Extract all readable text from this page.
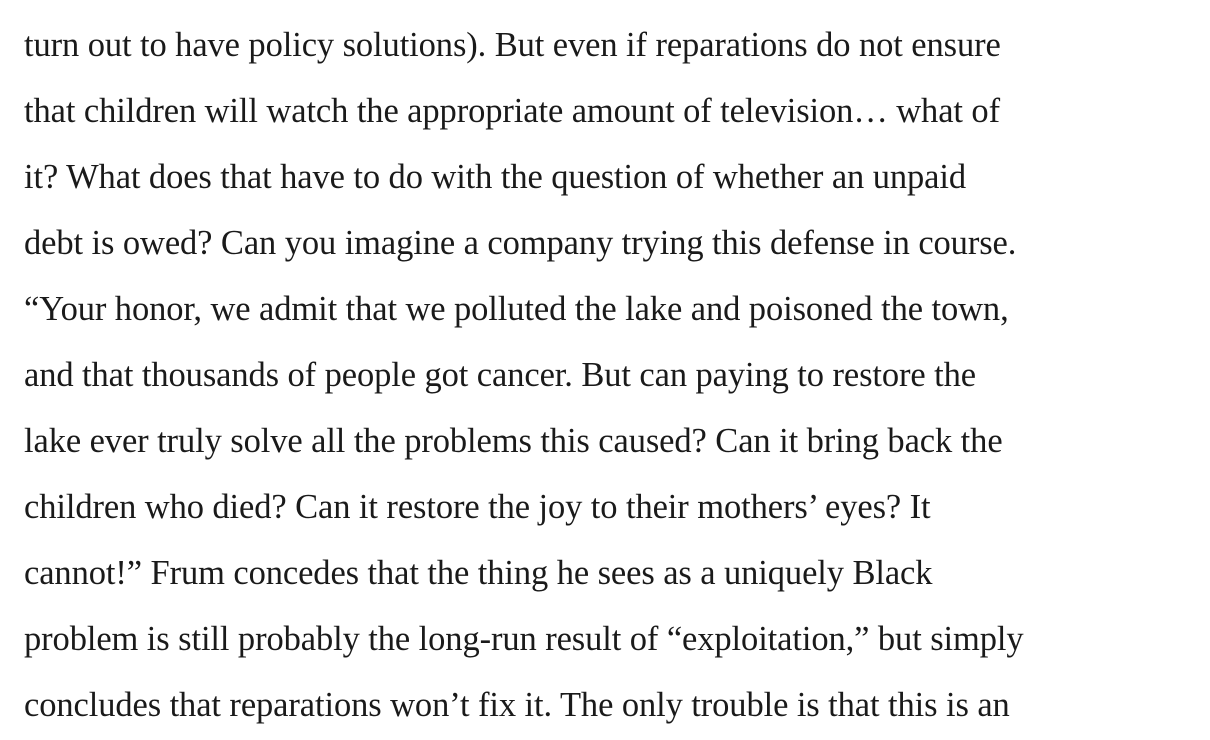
turn out to have policy solutions). But even if reparations do not ensure
that children will watch the appropriate amount of television… what of
it? What does that have to do with the question of whether an unpaid
debt is owed? Can you imagine a company trying this defense in course.
“Your honor, we admit that we polluted the lake and poisoned the town,
and that thousands of people got cancer. But can paying to restore the
lake ever truly solve all the problems this caused? Can it bring back the
children who died? Can it restore the joy to their mothers’ eyes? It
cannot!” Frum concedes that the thing he sees as a uniquely Black
problem is still probably the long-run result of “exploitation,” but simply
concludes that reparations won’t fix it. The only trouble is that this is an
